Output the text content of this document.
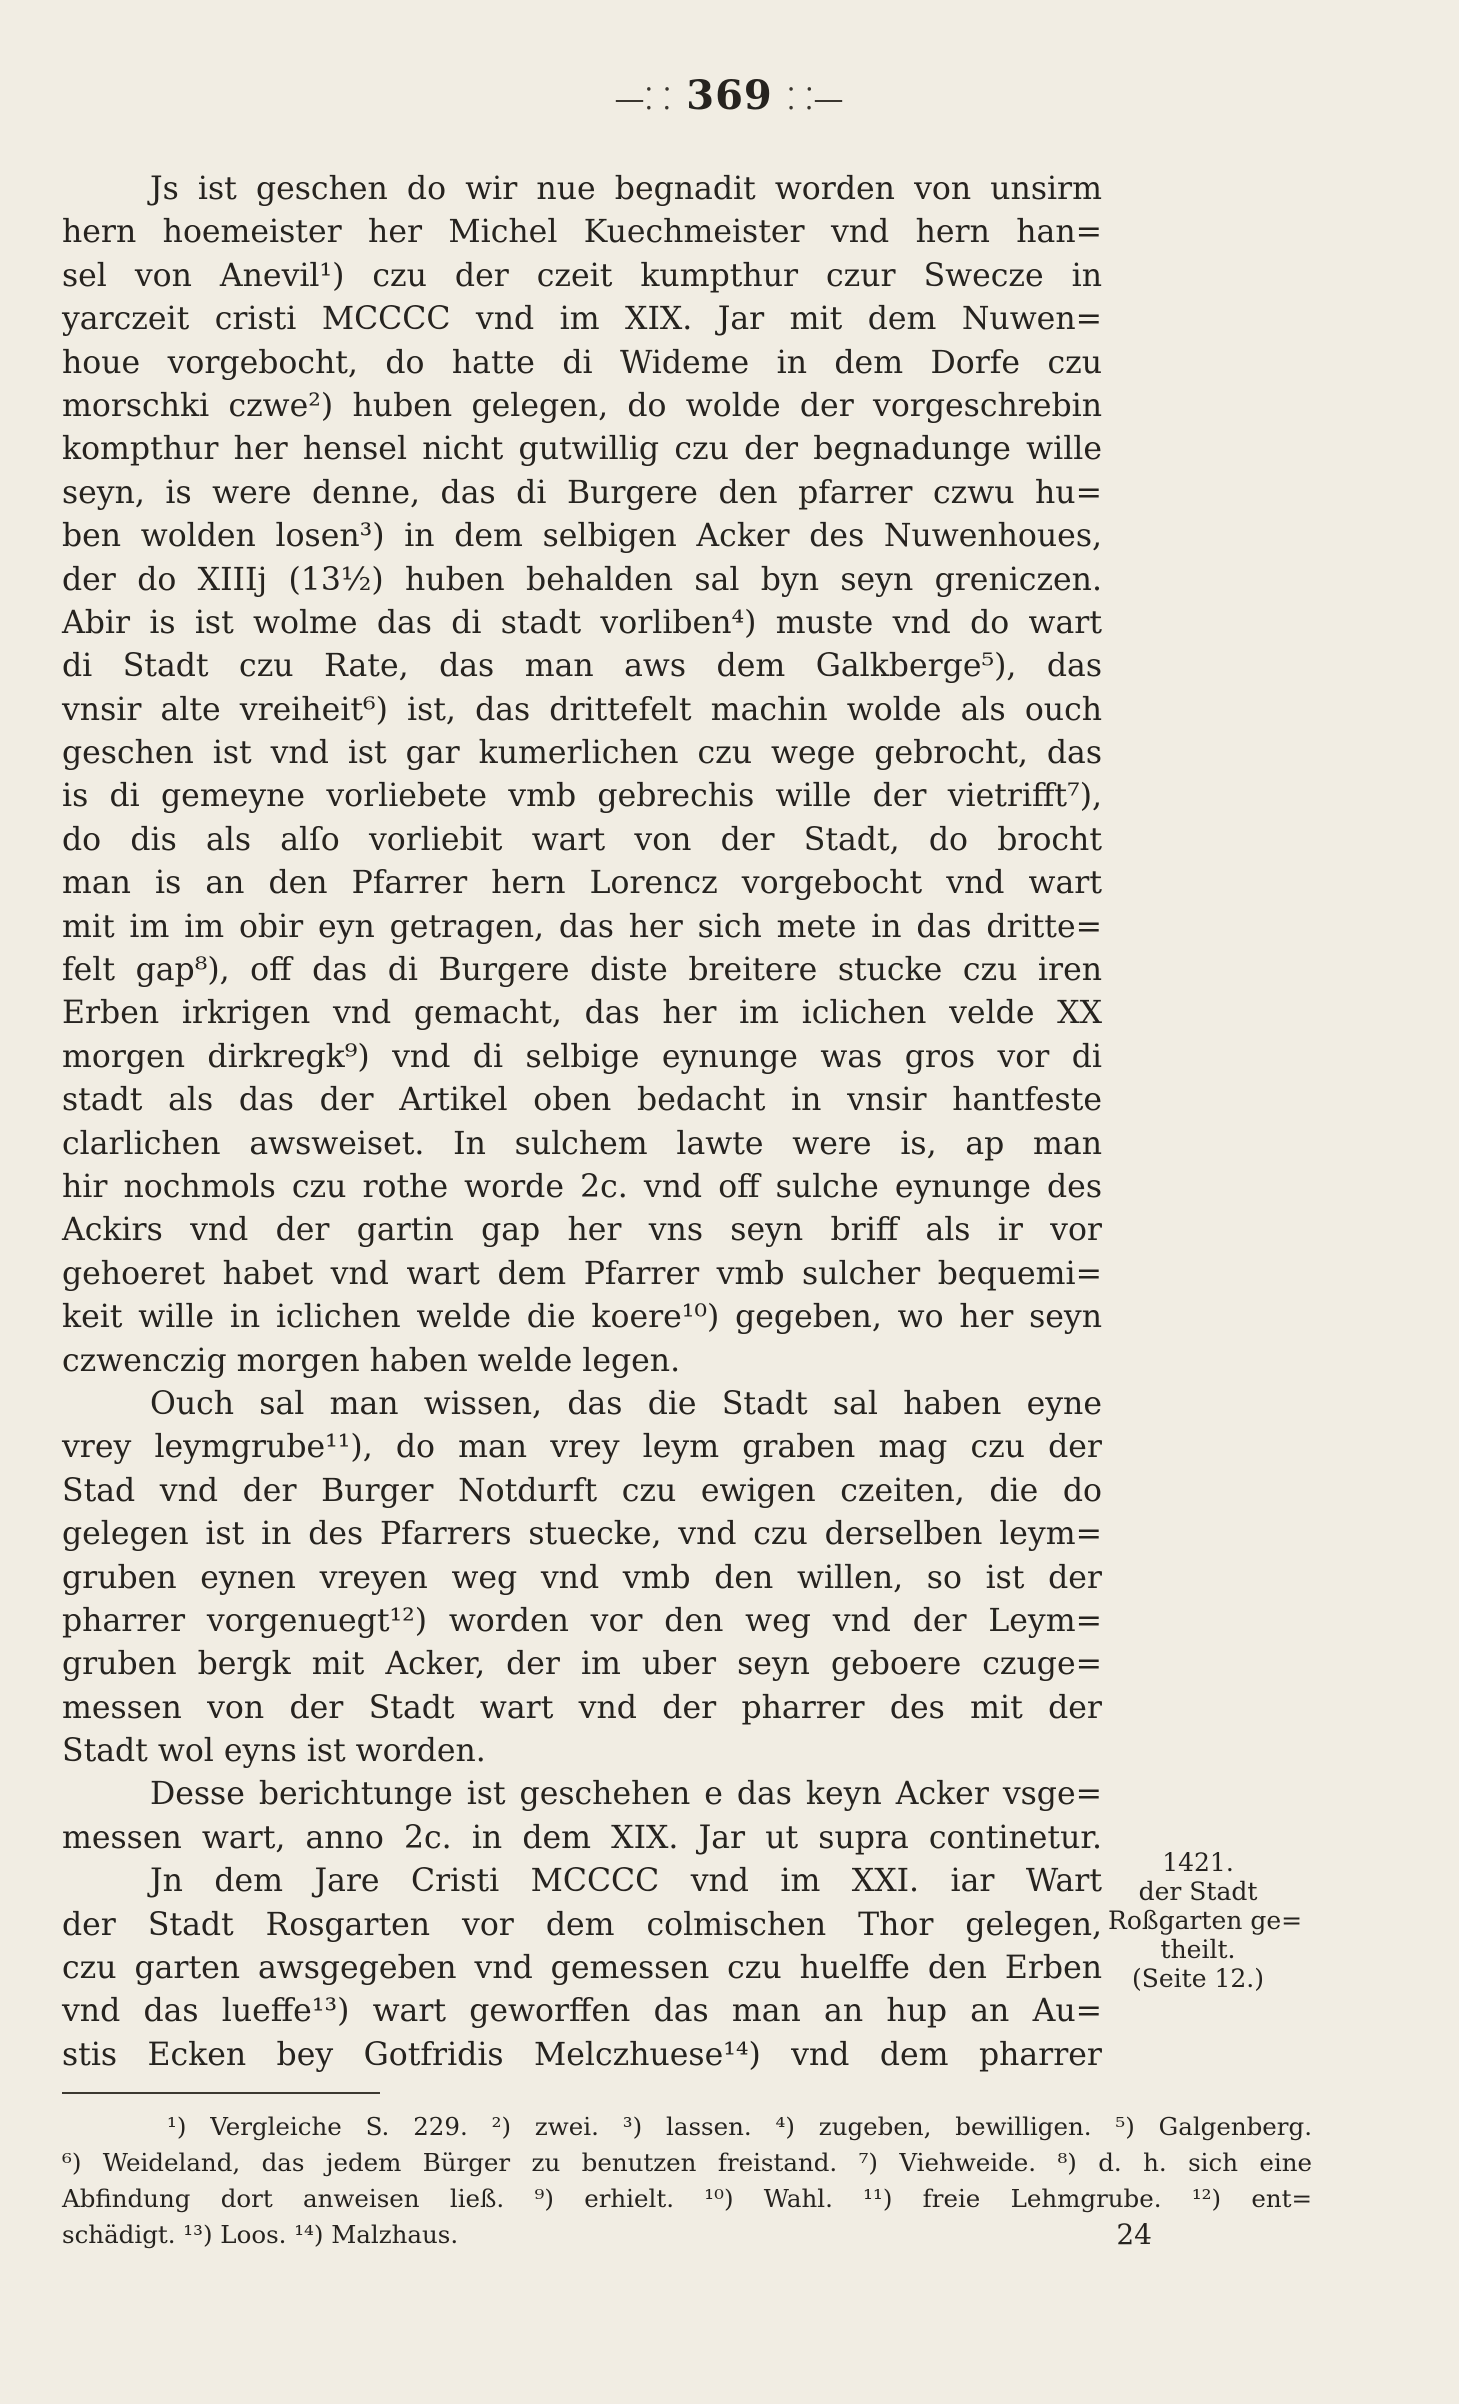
—⸬ 369 ⸬—
Js ist geschen do wir nue begnadit worden von unsirm
hern hoemeister her Michel Kuechmeister vnd hern han=
sel von Anevil¹) czu der czeit kumpthur czur Swecze in
yarczeit cristi MCCCC vnd im XIX. Jar mit dem Nuwen=
houe vorgebocht, do hatte di Wideme in dem Dorfe czu
morschki czwe²) huben gelegen, do wolde der vorgeschrebin
kompthur her hensel nicht gutwillig czu der begnadunge wille
seyn, is were denne, das di Burgere den pfarrer czwu hu=
ben wolden losen³) in dem selbigen Acker des Nuwenhoues,
der do XIIIj (13½) huben behalden sal byn seyn greniczen.
Abir is ist wolme das di stadt vorliben⁴) muste vnd do wart
di Stadt czu Rate, das man aws dem Galkberge⁵), das
vnsir alte vreiheit⁶) ist, das drittefelt machin wolde als ouch
geschen ist vnd ist gar kumerlichen czu wege gebrocht, das
is di gemeyne vorliebete vmb gebrechis wille der vietrifft⁷),
do dis als alſo vorliebit wart von der Stadt, do brocht
man is an den Pfarrer hern Lorencz vorgebocht vnd wart
mit im im obir eyn getragen, das her sich mete in das dritte=
felt gap⁸), off das di Burgere diste breitere stucke czu iren
Erben irkrigen vnd gemacht, das her im iclichen velde XX
morgen dirkregk⁹) vnd di selbige eynunge was gros vor di
stadt als das der Artikel oben bedacht in vnsir hantfeste
clarlichen awsweiset. In sulchem lawte were is, ap man
hir nochmols czu rothe worde 2c. vnd off sulche eynunge des
Ackirs vnd der gartin gap her vns seyn briff als ir vor
gehoeret habet vnd wart dem Pfarrer vmb sulcher bequemi=
keit wille in iclichen welde die koere¹⁰) gegeben, wo her seyn
czwenczig morgen haben welde legen.
Ouch sal man wissen, das die Stadt sal haben eyne
vrey leymgrube¹¹), do man vrey leym graben mag czu der
Stad vnd der Burger Notdurft czu ewigen czeiten, die do
gelegen ist in des Pfarrers stuecke, vnd czu derselben leym=
gruben eynen vreyen weg vnd vmb den willen, so ist der
pharrer vorgenuegt¹²) worden vor den weg vnd der Leym=
gruben bergk mit Acker, der im uber seyn geboere czuge=
messen von der Stadt wart vnd der pharrer des mit der
Stadt wol eyns ist worden.
Desse berichtunge ist geschehen e das keyn Acker vsge=
messen wart, anno 2c. in dem XIX. Jar ut supra continetur.
Jn dem Jare Cristi MCCCC vnd im XXI. iar Wart
der Stadt Rosgarten vor dem colmischen Thor gelegen,
czu garten awsgegeben vnd gemessen czu huelffe den Erben
vnd das lueffe¹³) wart geworffen das man an hup an Au=
stis Ecken bey Gotfridis Melczhuese¹⁴) vnd dem pharrer
1421.
der Stadt
Roßgarten ge=
theilt.
(Seite 12.)
¹) Vergleiche S. 229. ²) zwei. ³) lassen. ⁴) zugeben, bewilligen. ⁵) Galgenberg.
⁶) Weideland, das jedem Bürger zu benutzen freistand. ⁷) Viehweide. ⁸) d. h. sich eine
Abfindung dort anweisen ließ. ⁹) erhielt. ¹⁰) Wahl. ¹¹) freie Lehmgrube. ¹²) ent=
schädigt. ¹³) Loos. ¹⁴) Malzhaus.	24
